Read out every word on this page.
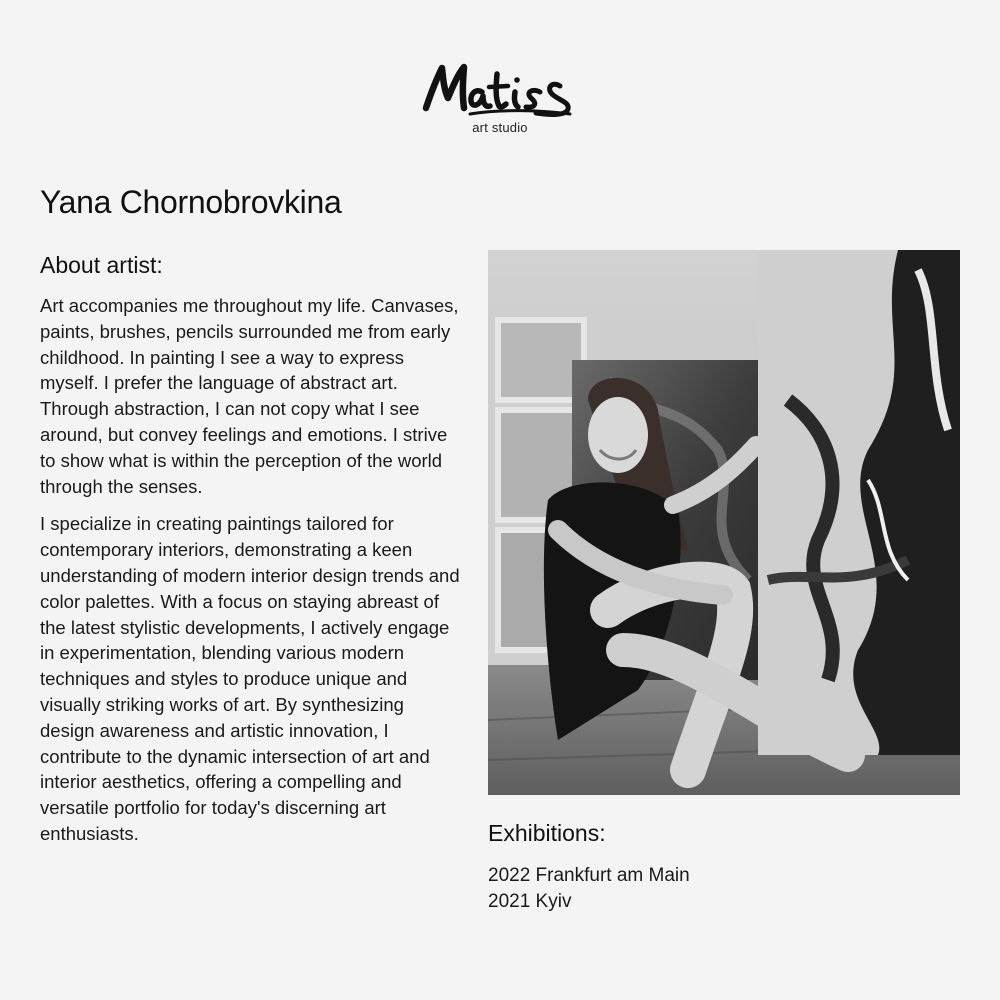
art studio
Yana Chornobrovkina
About artist:

Art accompanies me throughout my life. Canvases, paints, brushes, pencils surrounded me from early childhood. In painting I see a way to express myself. I prefer the language of abstract art. Through abstraction, I can not copy what I see around, but convey feelings and emotions. I strive to show what is within the perception of the world through the senses.

I specialize in creating paintings tailored for contemporary interiors, demonstrating a keen understanding of modern interior design trends and color palettes. With a focus on staying abreast of the latest stylistic developments, I actively engage in experimentation, blending various modern techniques and styles to produce unique and visually striking works of art. By synthesizing design awareness and artistic innovation, I contribute to the dynamic intersection of art and interior aesthetics, offering a compelling and versatile portfolio for today's discerning art enthusiasts.	Exhibitions:
2022 Frankfurt am Main
2021 Kyiv
